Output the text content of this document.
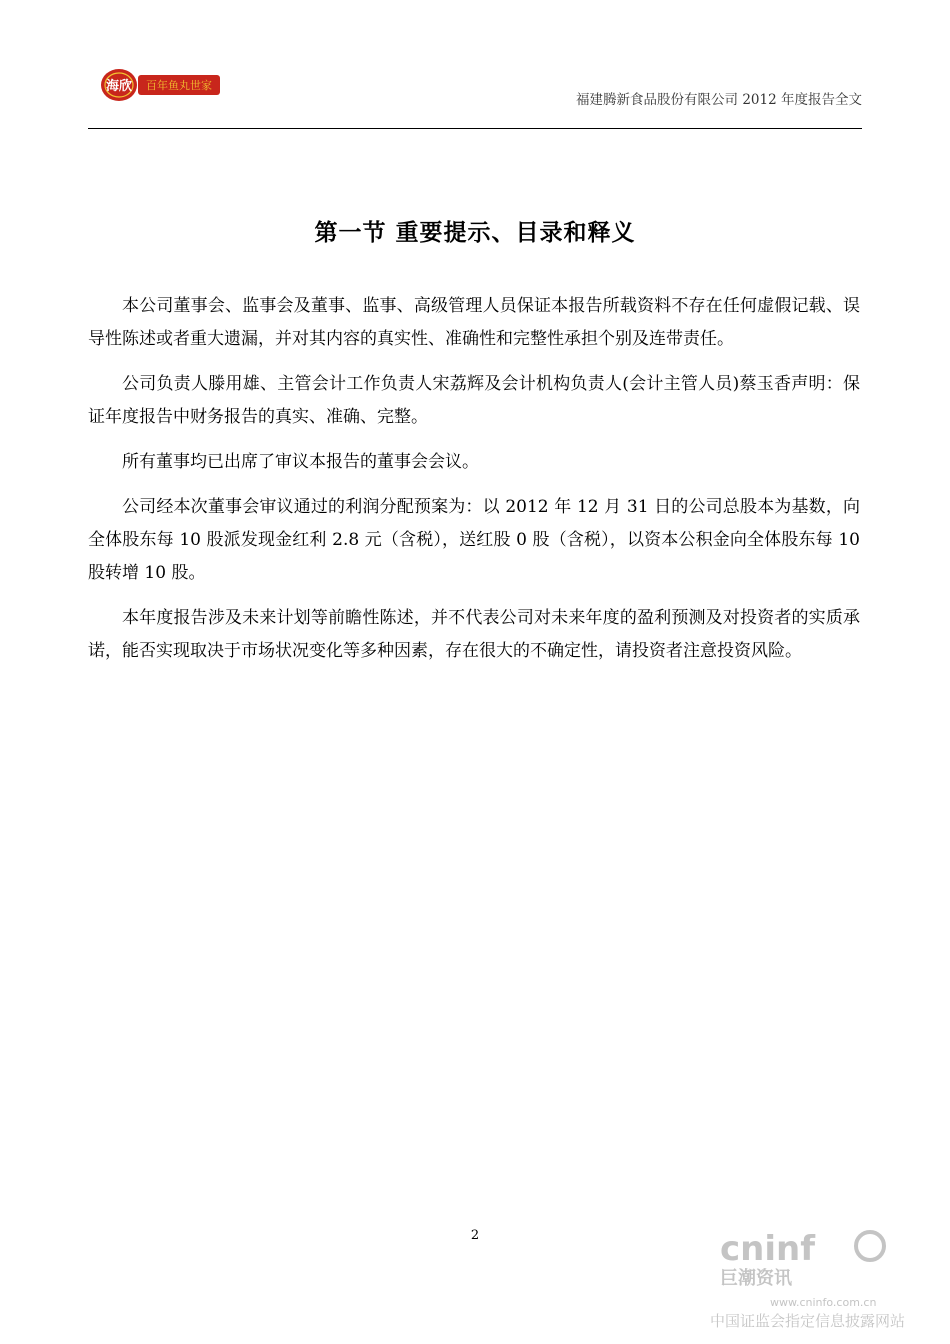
海欣 百年鱼丸世家
福建腾新食品股份有限公司 2012 年度报告全文
第一节 重要提示、目录和释义

本公司董事会、监事会及董事、监事、高级管理人员保证本报告所载资料不存在任何虚假记载、误导性陈述或者重大遗漏，并对其内容的真实性、准确性和完整性承担个别及连带责任。

公司负责人滕用雄、主管会计工作负责人宋荔辉及会计机构负责人(会计主管人员)蔡玉香声明：保证年度报告中财务报告的真实、准确、完整。

所有董事均已出席了审议本报告的董事会会议。

公司经本次董事会审议通过的利润分配预案为：以 2012 年 12 月 31 日的公司总股本为基数，向全体股东每 10 股派发现金红利 2.8 元（含税），送红股 0 股（含税），以资本公积金向全体股东每 10 股转增 10 股。

本年度报告涉及未来计划等前瞻性陈述，并不代表公司对未来年度的盈利预测及对投资者的实质承诺，能否实现取决于市场状况变化等多种因素，存在很大的不确定性，请投资者注意投资风险。

2	cninf
巨潮资讯
www.cninfo.com.cn
中国证监会指定信息披露网站
